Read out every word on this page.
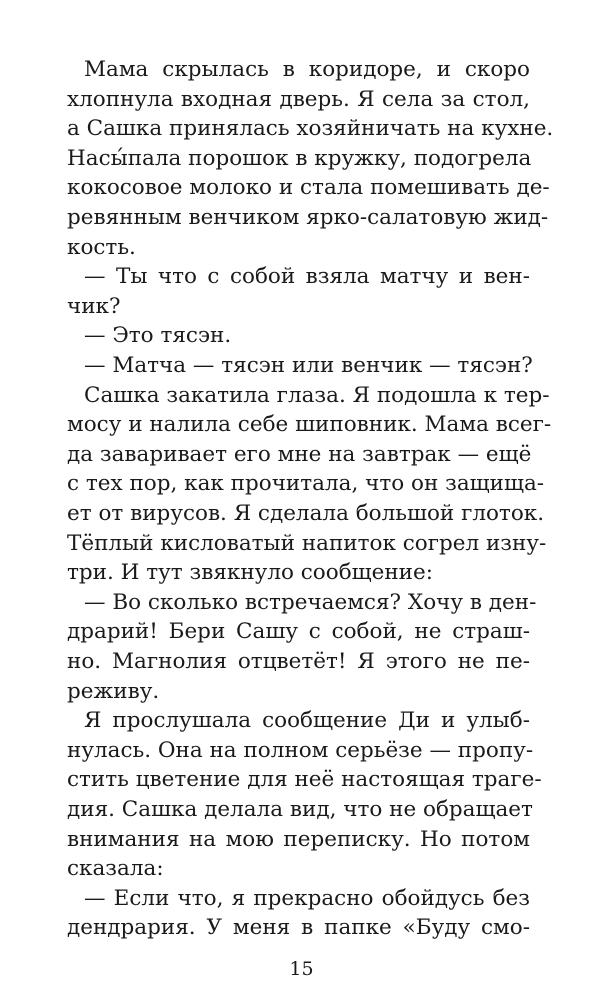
Мама скрылась в коридоре, и скоро
хлопнула входная дверь. Я села за стол,
а Сашка принялась хозяйничать на кухне.
Насы́пала порошок в кружку, подогрела
кокосовое молоко и стала помешивать де-
ревянным венчиком ярко-салатовую жид-
кость.
— Ты что с собой взяла матчу и вен-
чик?
— Это тясэн.
— Матча — тясэн или венчик — тясэн?
Сашка закатила глаза. Я подошла к тер-
мосу и налила себе шиповник. Мама всег-
да заваривает его мне на завтрак — ещё
с тех пор, как прочитала, что он защища-
ет от вирусов. Я сделала большой глоток.
Тёплый кисловатый напиток согрел изну-
три. И тут звякнуло сообщение:
— Во сколько встречаемся? Хочу в ден-
драрий! Бери Сашу с собой, не страш-
но. Магнолия отцветёт! Я этого не пе-
реживу.
Я прослушала сообщение Ди и улыб-
нулась. Она на полном серьёзе — пропу-
стить цветение для неё настоящая траге-
дия. Сашка делала вид, что не обращает
внимания на мою переписку. Но потом
сказала:
— Если что, я прекрасно обойдусь без
дендрария. У меня в папке «Буду смо-
15
